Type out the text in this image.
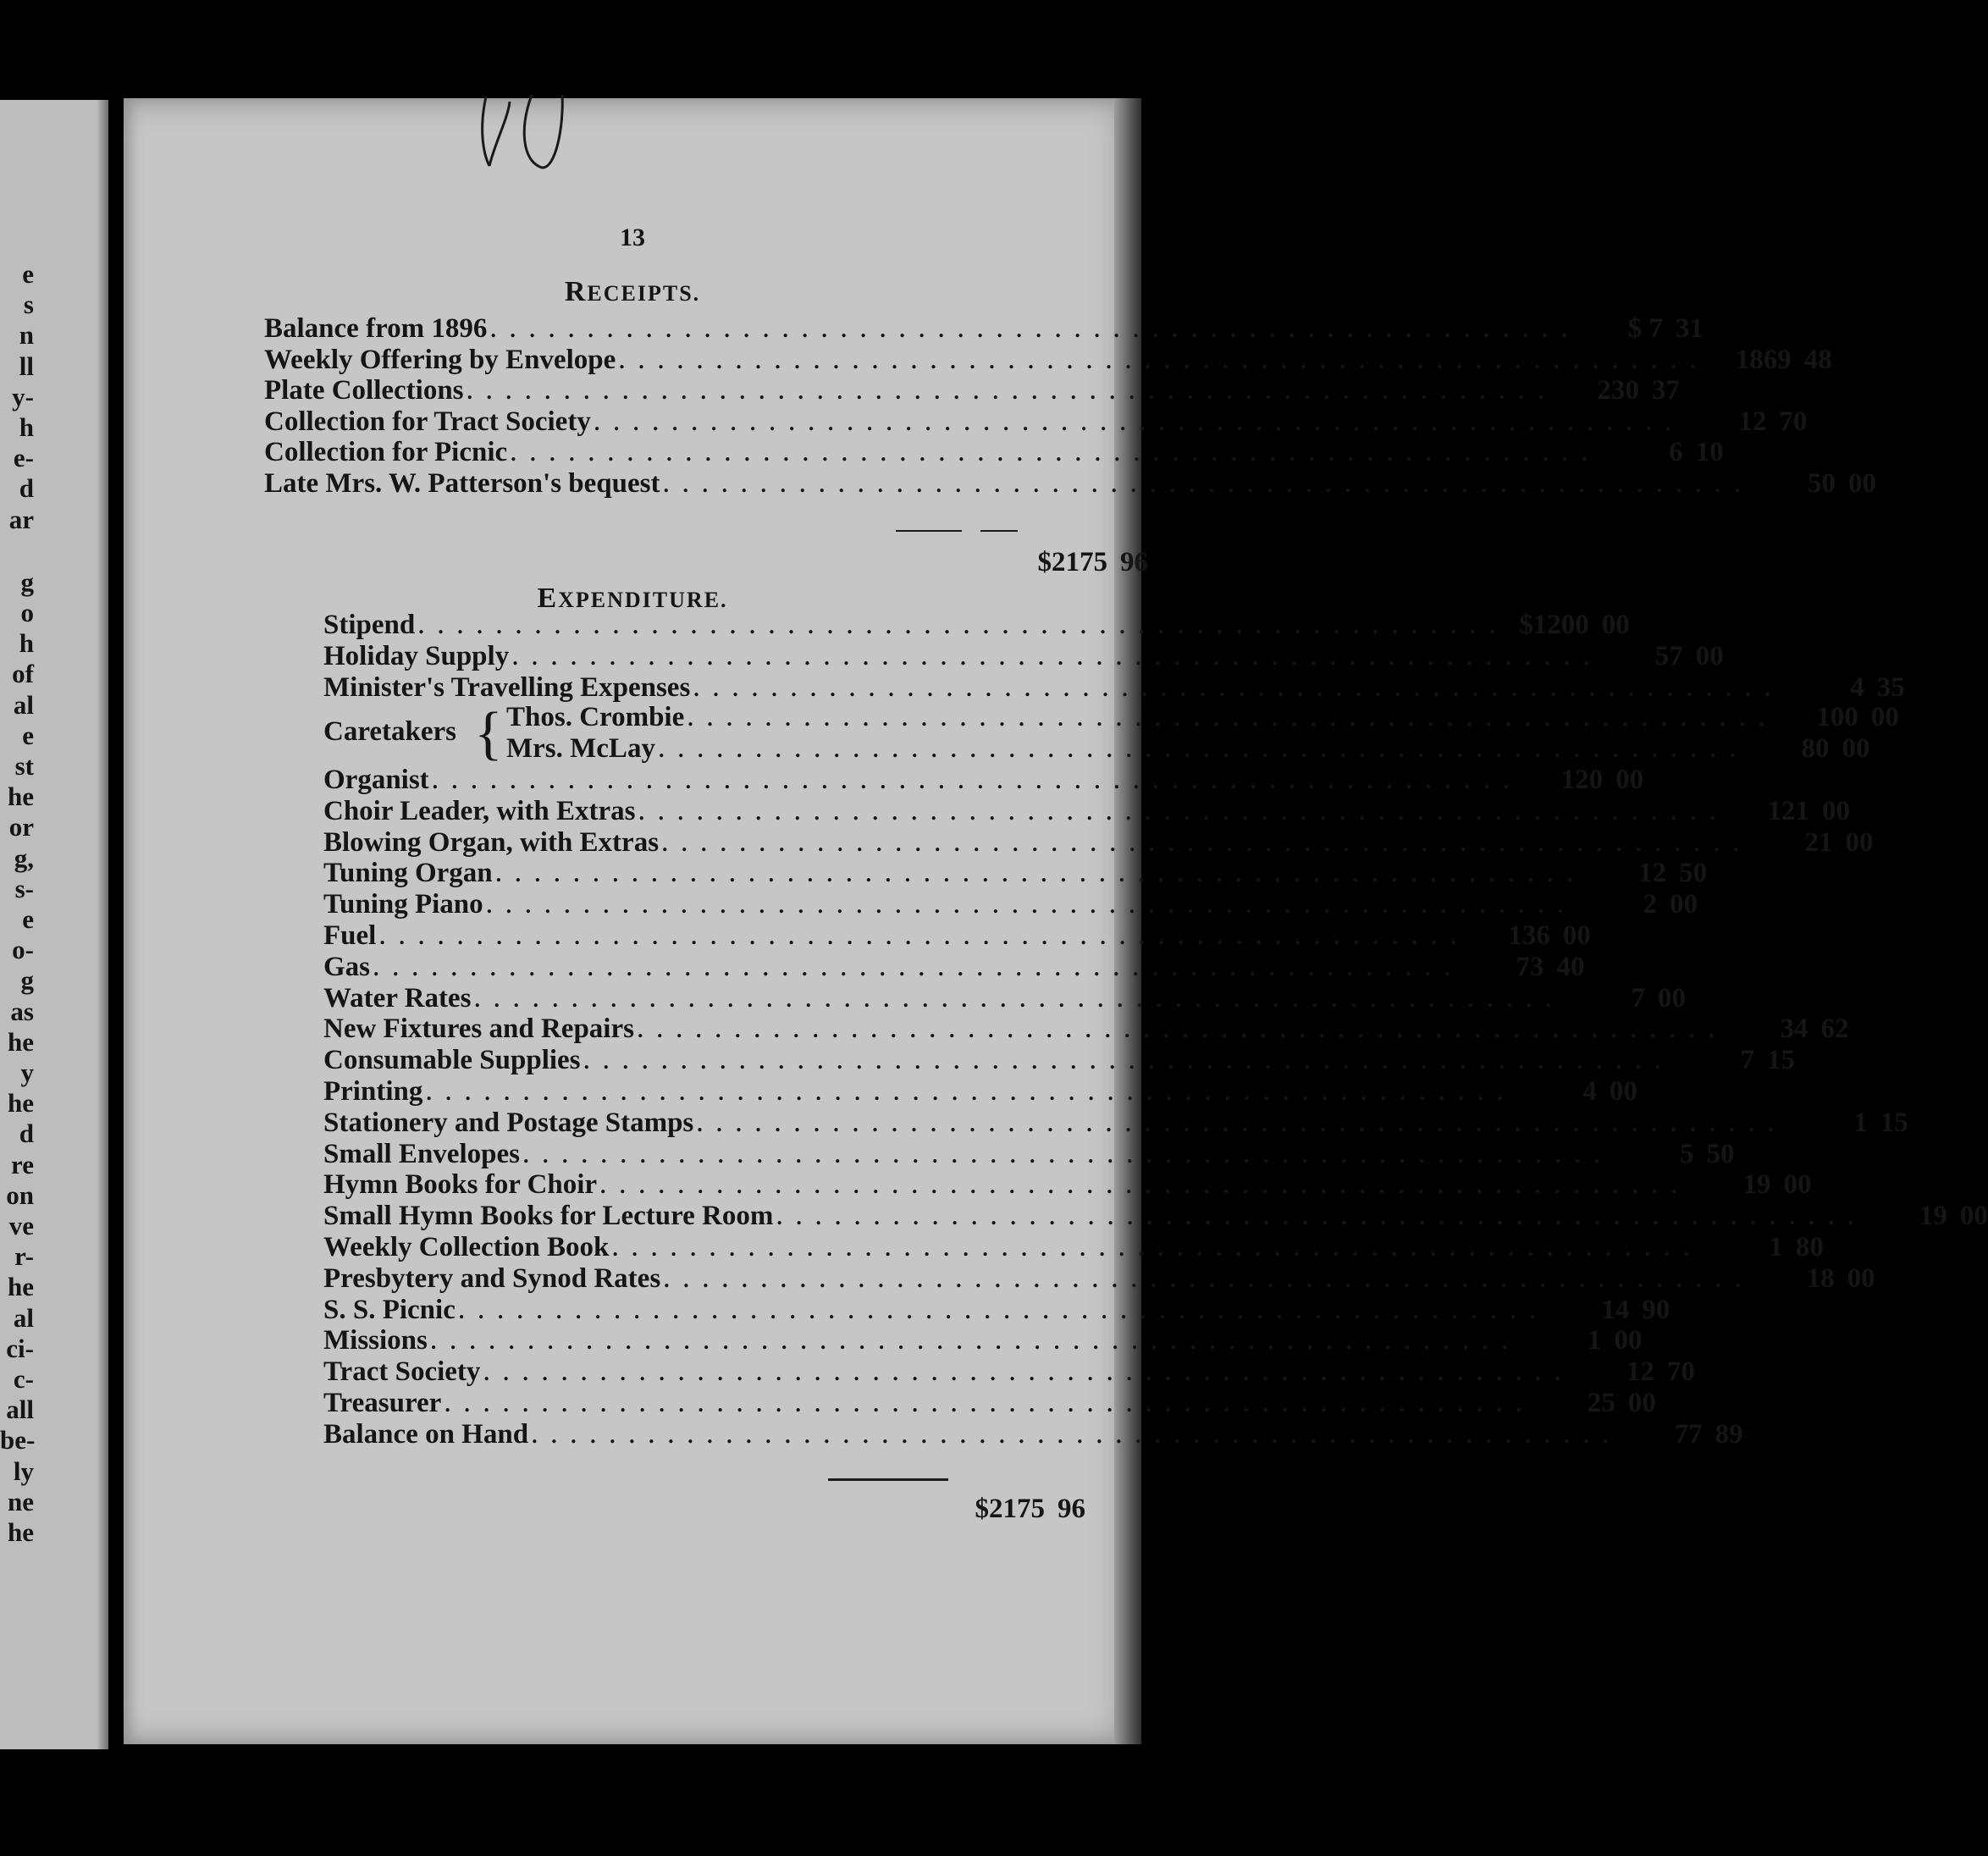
e
s
n
ll
y-
h
e-
d
ar
g
o
h
of
al
e
st
he
or
g,
s-
e
o-
g
as
he
y
he
d
re
on
ve
r-
he
al
ci-
c-
all
be-
ly
ne
he
13
RECEIPTS.
Balance from 1896 . . . . . . . . . . . . . . . . . . . . . . . . . . . . . . . . . . . . . . . . . . . . . . . . . . . . . . . .	$ 7 31
Weekly Offering by Envelope . . . . . . . . . . . . . . . . . . . . . . . . . . . . . . . . . . . . . . . . . . . . . . . . . . . . . . . .	1869 48
Plate Collections . . . . . . . . . . . . . . . . . . . . . . . . . . . . . . . . . . . . . . . . . . . . . . . . . . . . . . . .	230 37
Collection for Tract Society . . . . . . . . . . . . . . . . . . . . . . . . . . . . . . . . . . . . . . . . . . . . . . . . . . . . . . . .	12 70
Collection for Picnic . . . . . . . . . . . . . . . . . . . . . . . . . . . . . . . . . . . . . . . . . . . . . . . . . . . . . . . .	6 10
Late Mrs. W. Patterson's bequest . . . . . . . . . . . . . . . . . . . . . . . . . . . . . . . . . . . . . . . . . . . . . . . . . . . . . . . .	50 00
$2175 96
EXPENDITURE.
Stipend . . . . . . . . . . . . . . . . . . . . . . . . . . . . . . . . . . . . . . . . . . . . . . . . . . . . . . . . $1200 00
Holiday Supply . . . . . . . . . . . . . . . . . . . . . . . . . . . . . . . . . . . . . . . . . . . . . . . . . . . . . . . .	57 00
Minister's Travelling Expenses . . . . . . . . . . . . . . . . . . . . . . . . . . . . . . . . . . . . . . . . . . . . . . . . . . . . . . . .	4 35
Caretakers { Thos. Crombie . . . . . . . . . . . . . . . . . . . . . . . . . . . . . . . . . . . . . . . . . . . . . . . . . . . . . . . .	100 00
Mrs. McLay . . . . . . . . . . . . . . . . . . . . . . . . . . . . . . . . . . . . . . . . . . . . . . . . . . . . . . . .	80 00
Organist . . . . . . . . . . . . . . . . . . . . . . . . . . . . . . . . . . . . . . . . . . . . . . . . . . . . . . . .	120 00
Choir Leader, with Extras . . . . . . . . . . . . . . . . . . . . . . . . . . . . . . . . . . . . . . . . . . . . . . . . . . . . . . . .	121 00
Blowing Organ, with Extras . . . . . . . . . . . . . . . . . . . . . . . . . . . . . . . . . . . . . . . . . . . . . . . . . . . . . . . .	21 00
Tuning Organ . . . . . . . . . . . . . . . . . . . . . . . . . . . . . . . . . . . . . . . . . . . . . . . . . . . . . . . .	12 50
Tuning Piano . . . . . . . . . . . . . . . . . . . . . . . . . . . . . . . . . . . . . . . . . . . . . . . . . . . . . . . .	2 00
Fuel . . . . . . . . . . . . . . . . . . . . . . . . . . . . . . . . . . . . . . . . . . . . . . . . . . . . . . . .	136 00
Gas . . . . . . . . . . . . . . . . . . . . . . . . . . . . . . . . . . . . . . . . . . . . . . . . . . . . . . . .	73 40
Water Rates . . . . . . . . . . . . . . . . . . . . . . . . . . . . . . . . . . . . . . . . . . . . . . . . . . . . . . . .	7 00
New Fixtures and Repairs . . . . . . . . . . . . . . . . . . . . . . . . . . . . . . . . . . . . . . . . . . . . . . . . . . . . . . . .	34 62
Consumable Supplies . . . . . . . . . . . . . . . . . . . . . . . . . . . . . . . . . . . . . . . . . . . . . . . . . . . . . . . .	7 15
Printing . . . . . . . . . . . . . . . . . . . . . . . . . . . . . . . . . . . . . . . . . . . . . . . . . . . . . . . .	4 00
Stationery and Postage Stamps . . . . . . . . . . . . . . . . . . . . . . . . . . . . . . . . . . . . . . . . . . . . . . . . . . . . . . . .	1 15
Small Envelopes . . . . . . . . . . . . . . . . . . . . . . . . . . . . . . . . . . . . . . . . . . . . . . . . . . . . . . . .	5 50
Hymn Books for Choir . . . . . . . . . . . . . . . . . . . . . . . . . . . . . . . . . . . . . . . . . . . . . . . . . . . . . . . .	19 00
Small Hymn Books for Lecture Room . . . . . . . . . . . . . . . . . . . . . . . . . . . . . . . . . . . . . . . . . . . . . . . . . . . . . . . .	19 00
Weekly Collection Book . . . . . . . . . . . . . . . . . . . . . . . . . . . . . . . . . . . . . . . . . . . . . . . . . . . . . . . .	1 80
Presbytery and Synod Rates . . . . . . . . . . . . . . . . . . . . . . . . . . . . . . . . . . . . . . . . . . . . . . . . . . . . . . . .	18 00
S. S. Picnic . . . . . . . . . . . . . . . . . . . . . . . . . . . . . . . . . . . . . . . . . . . . . . . . . . . . . . . .	14 90
Missions . . . . . . . . . . . . . . . . . . . . . . . . . . . . . . . . . . . . . . . . . . . . . . . . . . . . . . . .	1 00
Tract Society . . . . . . . . . . . . . . . . . . . . . . . . . . . . . . . . . . . . . . . . . . . . . . . . . . . . . . . .	12 70
Treasurer . . . . . . . . . . . . . . . . . . . . . . . . . . . . . . . . . . . . . . . . . . . . . . . . . . . . . . . .	25 00
Balance on Hand . . . . . . . . . . . . . . . . . . . . . . . . . . . . . . . . . . . . . . . . . . . . . . . . . . . . . . . .	77 89
$2175 96
